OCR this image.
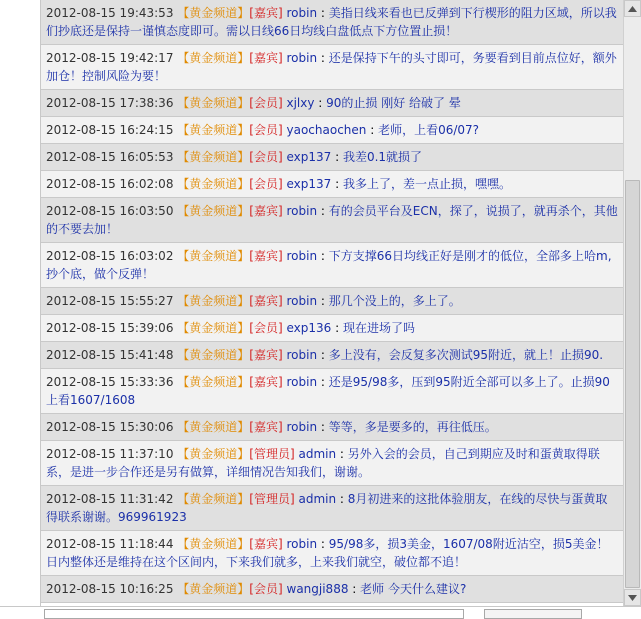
2012-08-15 19:43:53 【黄金频道】[嘉宾] robin : 美指日线来看也已反弹到下行楔形的阻力区域，所以我们抄底还是保持一谨慎态度即可。需以日线66日均线白盘低点下方位置止损！
2012-08-15 19:42:17 【黄金频道】[嘉宾] robin : 还是保持下午的头寸即可，务要看到目前点位好，额外加仓！控制风险为要！
2012-08-15 17:38:36 【黄金频道】[会员] xjlxy : 90的止损 刚好 给破了 晕
2012-08-15 16:24:15 【黄金频道】[会员] yaochaochen : 老师，上看06/07?
2012-08-15 16:05:53 【黄金频道】[会员] exp137 : 我差0.1就损了
2012-08-15 16:02:08 【黄金频道】[会员] exp137 : 我多上了，差一点止损，嘿嘿。
2012-08-15 16:03:50 【黄金频道】[嘉宾] robin : 有的会员平台及ECN，探了，说损了，就再杀个，其他的不要去加！
2012-08-15 16:03:02 【黄金频道】[嘉宾] robin : 下方支撑66日均线正好是刚才的低位，全部多上哈m,抄个底，做个反弹！
2012-08-15 15:55:27 【黄金频道】[嘉宾] robin : 那几个没上的，多上了。
2012-08-15 15:39:06 【黄金频道】[会员] exp136 : 现在进场了吗
2012-08-15 15:41:48 【黄金频道】[嘉宾] robin : 多上没有，会反复多次测试95附近，就上！止损90.
2012-08-15 15:33:36 【黄金频道】[嘉宾] robin : 还是95/98多，压到95附近全部可以多上了。止损90上看1607/1608
2012-08-15 15:30:06 【黄金频道】[嘉宾] robin : 等等，多是要多的，再往低压。
2012-08-15 11:37:10 【黄金频道】[管理员] admin : 另外入会的会员，自己到期应及时和蛋黄取得联系，是进一步合作还是另有做算，详细情况告知我们，谢谢。
2012-08-15 11:31:42 【黄金频道】[管理员] admin : 8月初进来的这批体验朋友，在线的尽快与蛋黄取得联系谢谢。969961923
2012-08-15 11:18:44 【黄金频道】[嘉宾] robin : 95/98多，损3美金，1607/08附近沽空，损5美金！日内整体还是维持在这个区间内，下来我们就多，上来我们就空，破位都不追！
2012-08-15 10:16:25 【黄金频道】[会员] wangji888 : 老师 今天什么建议?
